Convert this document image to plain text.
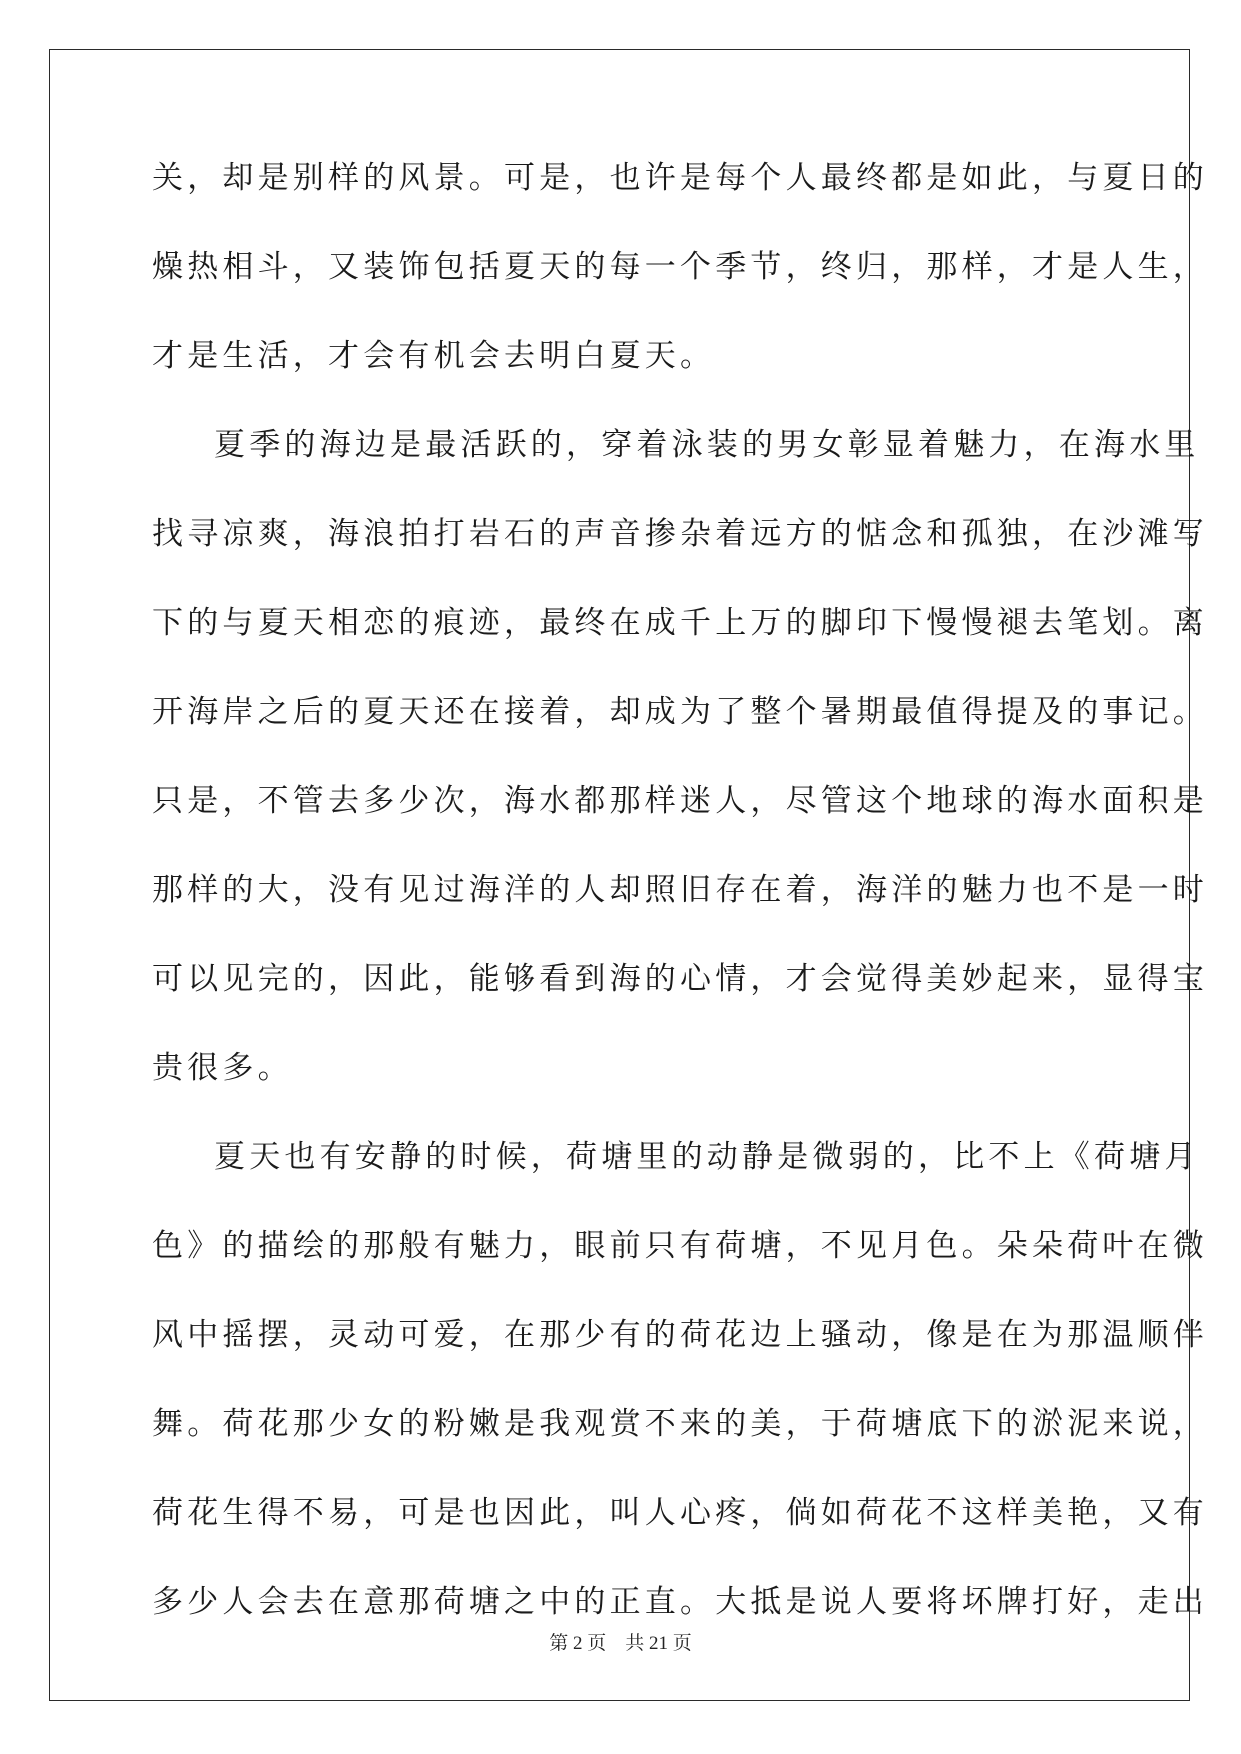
关，却是别样的风景。可是，也许是每个人最终都是如此，与夏日的
燥热相斗，又装饰包括夏天的每一个季节，终归，那样，才是人生，
才是生活，才会有机会去明白夏天。
夏季的海边是最活跃的，穿着泳装的男女彰显着魅力，在海水里
找寻凉爽，海浪拍打岩石的声音掺杂着远方的惦念和孤独，在沙滩写
下的与夏天相恋的痕迹，最终在成千上万的脚印下慢慢褪去笔划。离
开海岸之后的夏天还在接着，却成为了整个暑期最值得提及的事记。
只是，不管去多少次，海水都那样迷人，尽管这个地球的海水面积是
那样的大，没有见过海洋的人却照旧存在着，海洋的魅力也不是一时
可以见完的，因此，能够看到海的心情，才会觉得美妙起来，显得宝
贵很多。
夏天也有安静的时候，荷塘里的动静是微弱的，比不上《荷塘月
色》的描绘的那般有魅力，眼前只有荷塘，不见月色。朵朵荷叶在微
风中摇摆，灵动可爱，在那少有的荷花边上骚动，像是在为那温顺伴
舞。荷花那少女的粉嫩是我观赏不来的美，于荷塘底下的淤泥来说，
荷花生得不易，可是也因此，叫人心疼，倘如荷花不这样美艳，又有
多少人会去在意那荷塘之中的正直。大抵是说人要将坏牌打好，走出
第 2 页    共 21 页
